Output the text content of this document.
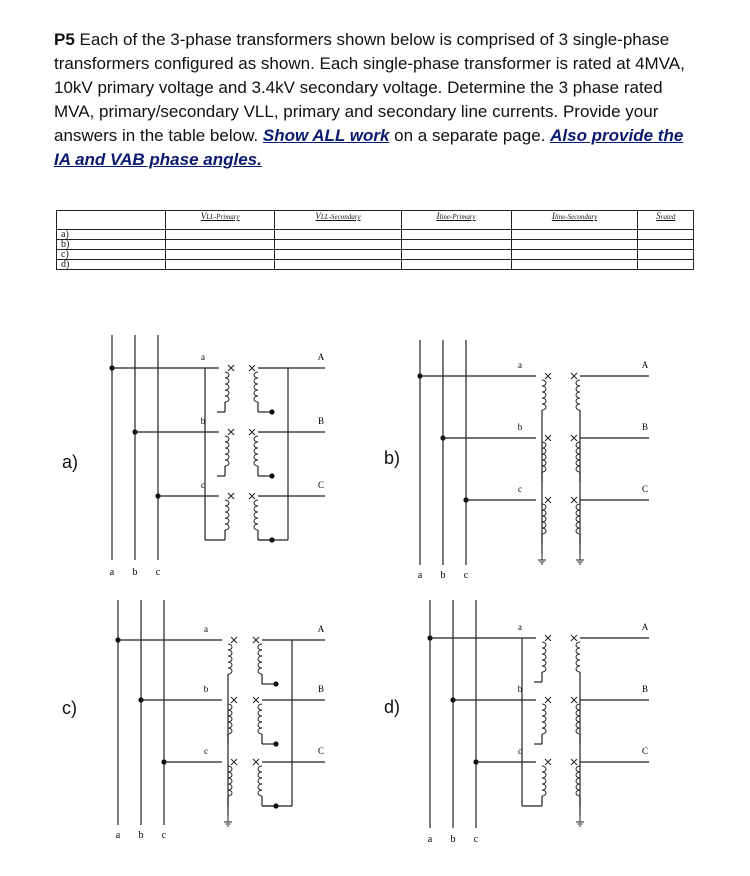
P5 Each of the 3-phase transformers shown below is comprised of 3 single-phase transformers configured as shown. Each single-phase transformer is rated at 4MVA, 10kV primary voltage and 3.4kV secondary voltage. Determine the 3 phase rated MVA, primary/secondary VLL, primary and secondary line currents. Provide your answers in the table below. Show ALL work on a separate page. Also provide the IA and VAB phase angles.
	VLL-Primary	VLL-Secondary	Iline-Primary	Iline-Secondary	Srated
a)					
b)					
c)					
d)					
a)	b)
c)	d)
a b c
a	A
b	B
c	C
a b c
a	A
b	B
c	C
a b c
a	A
b	B
c	C
a b c
a	A
b	B
c	C
